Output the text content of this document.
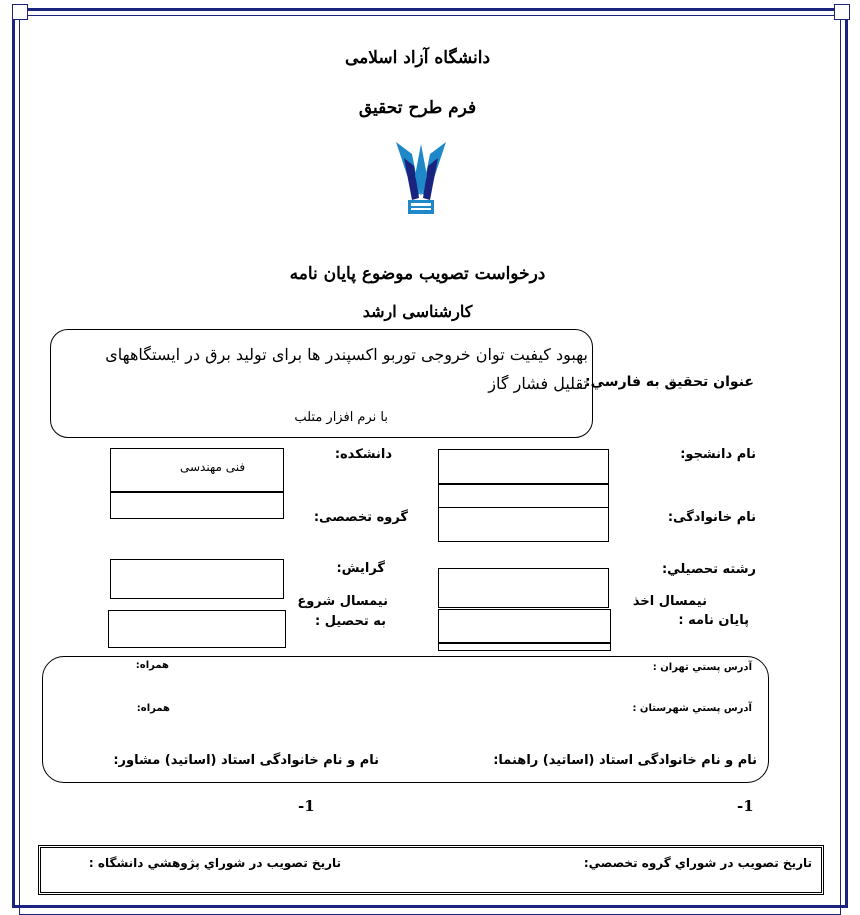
دانشگاه آزاد اسلامی
فرم طرح تحقیق
درخواست تصويب موضوع پايان نامه
كارشناسی ارشد
بهبود کیفیت توان خروجی توربو اکسپندر ها برای تولید برق در ایستگاههای
تقلیل فشار گاز
با نرم افزار متلب
عنوان تحقيق به فارسي:
نام دانشجو:
دانشكده:
فنی مهندسی
نام خانوادگی:
گروه تخصصی:
رشته تحصيلي:
گرايش:
نيمسال اخذ
پايان نامه :
نيمسال شروع
به تحصيل :
آدرس پستي تهران :
همراه:
آدرس پستي شهرستان :
همراه:
نام و نام خانوادگی استاد (اساتيد) راهنما:
نام و نام خانوادگی استاد (اساتيد) مشاور:
-1
-1
تاريخ تصويب در شوراي گروه تخصصي:
تاريخ تصويب در شوراي پژوهشي دانشگاه :
